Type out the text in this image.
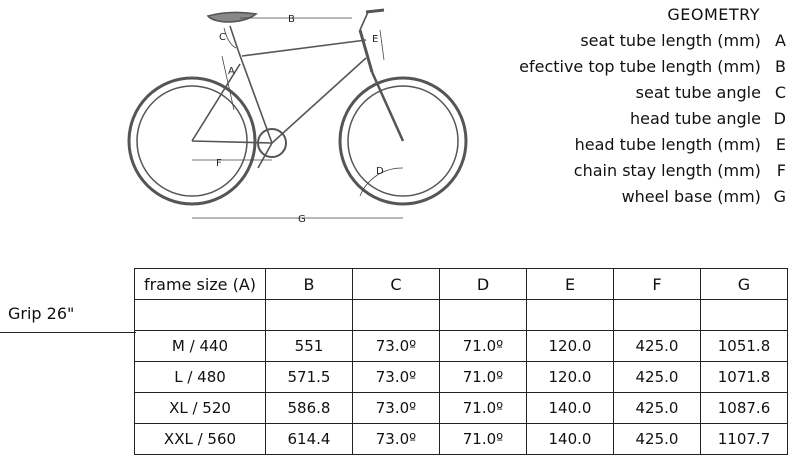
B
C	E
A
F
D
G
GEOMETRY
seat tube length (mm) A
efective top tube length (mm) B
seat tube angle C
head tube angle D
head tube length (mm) E
chain stay length (mm) F
wheel base (mm) G
Grip 26"
frame size (A)	B	C	D	E	F	G

M / 440	551	73.0º	71.0º	120.0	425.0	1051.8
L / 480	571.5	73.0º	71.0º	120.0	425.0	1071.8
XL / 520	586.8	73.0º	71.0º	140.0	425.0	1087.6
XXL / 560	614.4	73.0º	71.0º	140.0	425.0	1107.7
